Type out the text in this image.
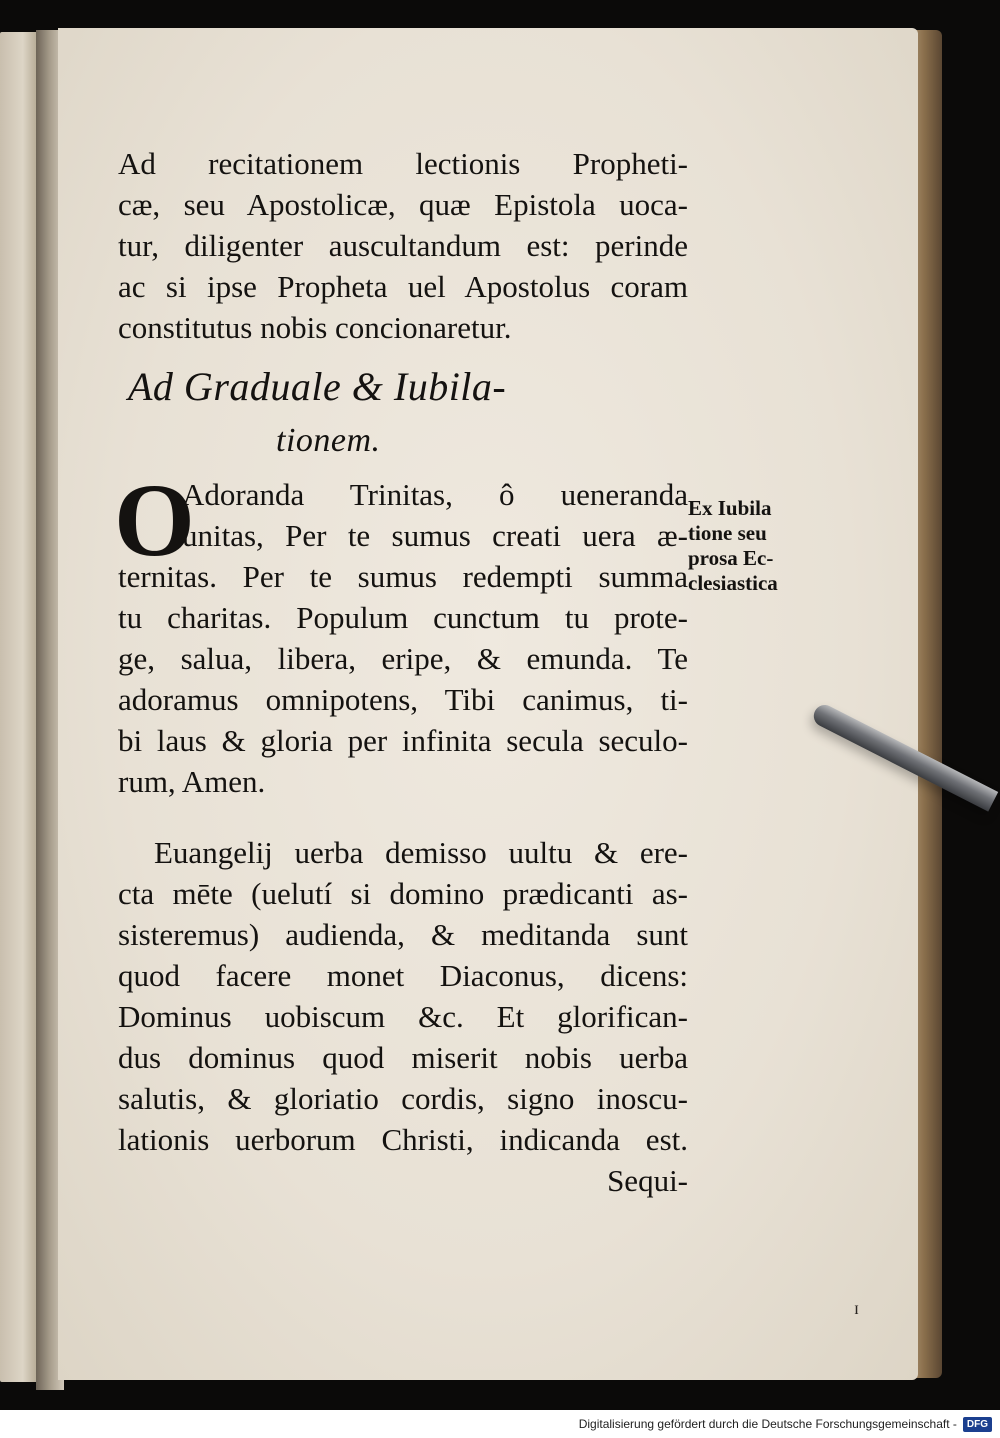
Ad recitationem lectionis Propheti-
cæ, seu Apostolicæ, quæ Epistola uoca-
tur, diligenter auscultandum est: perinde
ac si ipse Propheta uel Apostolus coram
constitutus nobis concionaretur.
Ad Graduale & Iubila-
tionem.
O
Adoranda Trinitas, ô ueneranda
unitas, Per te sumus creati uera æ-
ternitas. Per te sumus redempti summa
tu charitas. Populum cunctum tu prote-
ge, salua, libera, eripe, & emunda. Te
adoramus omnipotens, Tibi canimus, ti-
bi laus & gloria per infinita secula seculo-
rum, Amen.
Euangelij uerba demisso uultu & ere-
cta mēte (uelutí si domino prædicanti as-
sisteremus) audienda, & meditanda sunt
quod facere monet Diaconus, dicens:
Dominus uobiscum &c. Et glorifican-
dus dominus quod miserit nobis uerba
salutis, & gloriatio cordis, signo inoscu-
lationis uerborum Christi, indicanda est.
Sequi-
Ex Iubila
tione seu
prosa Ec-
clesiastica
ɪ
Digitalisierung gefördert durch die Deutsche Forschungsgemeinschaft -	DFG
